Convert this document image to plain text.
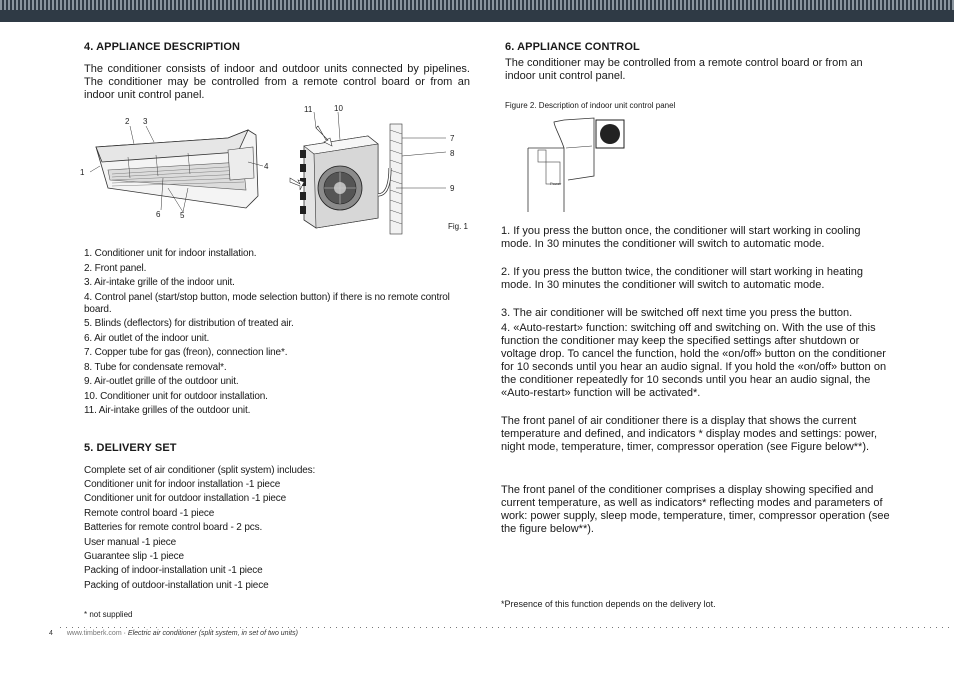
4. APPLIANCE DESCRIPTION

The conditioner consists of indoor and outdoor units connected by pipelines. The conditioner may be controlled from a remote control board or from an indoor unit control panel.

1
2 3
4
5
6
11	10
7
8
9
Fig. 1
1. Conditioner unit for indoor installation.
2. Front panel.
3. Air-intake grille of the indoor unit.
4. Control panel (start/stop button, mode selection button) if there is no remote control board.
5. Blinds (deflectors) for distribution of treated air.
6. Air outlet of the indoor unit.
7. Copper tube for gas (freon), connection line*.
8. Tube for condensate removal*.
9. Air-outlet grille of the outdoor unit.
10. Conditioner unit for outdoor installation.
11. Air-intake grilles of the outdoor unit.
5. DELIVERY SET
Complete set of air conditioner (split system) includes:
Conditioner unit for indoor installation -1 piece
Conditioner unit for outdoor installation -1 piece
Remote control board -1 piece
Batteries for remote control board - 2 pcs.
User manual -1 piece
Guarantee slip -1 piece
Packing of indoor-installation unit -1 piece
Packing of outdoor-installation unit -1 piece
* not supplied
6. APPLIANCE CONTROL

The conditioner may be controlled from a remote control board or from an indoor unit control panel.

Figure 2. Description of indoor unit control panel
Power

1. If you press the button once, the conditioner will start working in cooling mode. In 30 minutes the conditioner will switch to automatic mode.

2. If you press the button twice, the conditioner will start working in heating mode. In 30 minutes the conditioner will switch to automatic mode.

3. The air conditioner will be switched off next time you press the button.

4. «Auto-restart» function: switching off and switching on. With the use of this function the conditioner may keep the specified settings after shutdown or voltage drop. To cancel the function, hold the «on/off» button on the conditioner for 10 seconds until you hear an audio signal. If you hold the «on/off» button on the conditioner repeatedly for 10 seconds until you hear an audio signal, the «Auto-restart» function will be activated*.

The front panel of air conditioner there is a display that shows the current temperature and defined, and indicators * display modes and settings: power, night mode, temperature, timer, compressor operation (see Figure below**).

The front panel of the conditioner comprises a display showing specified and current temperature, as well as indicators* reflecting modes and parameters of work: power supply, sleep mode, temperature, timer, compressor operation (see the figure below**).

*Presence of this function depends on the delivery lot.
4 www.timberk.com · Electric air conditioner (split system, in set of two units)
